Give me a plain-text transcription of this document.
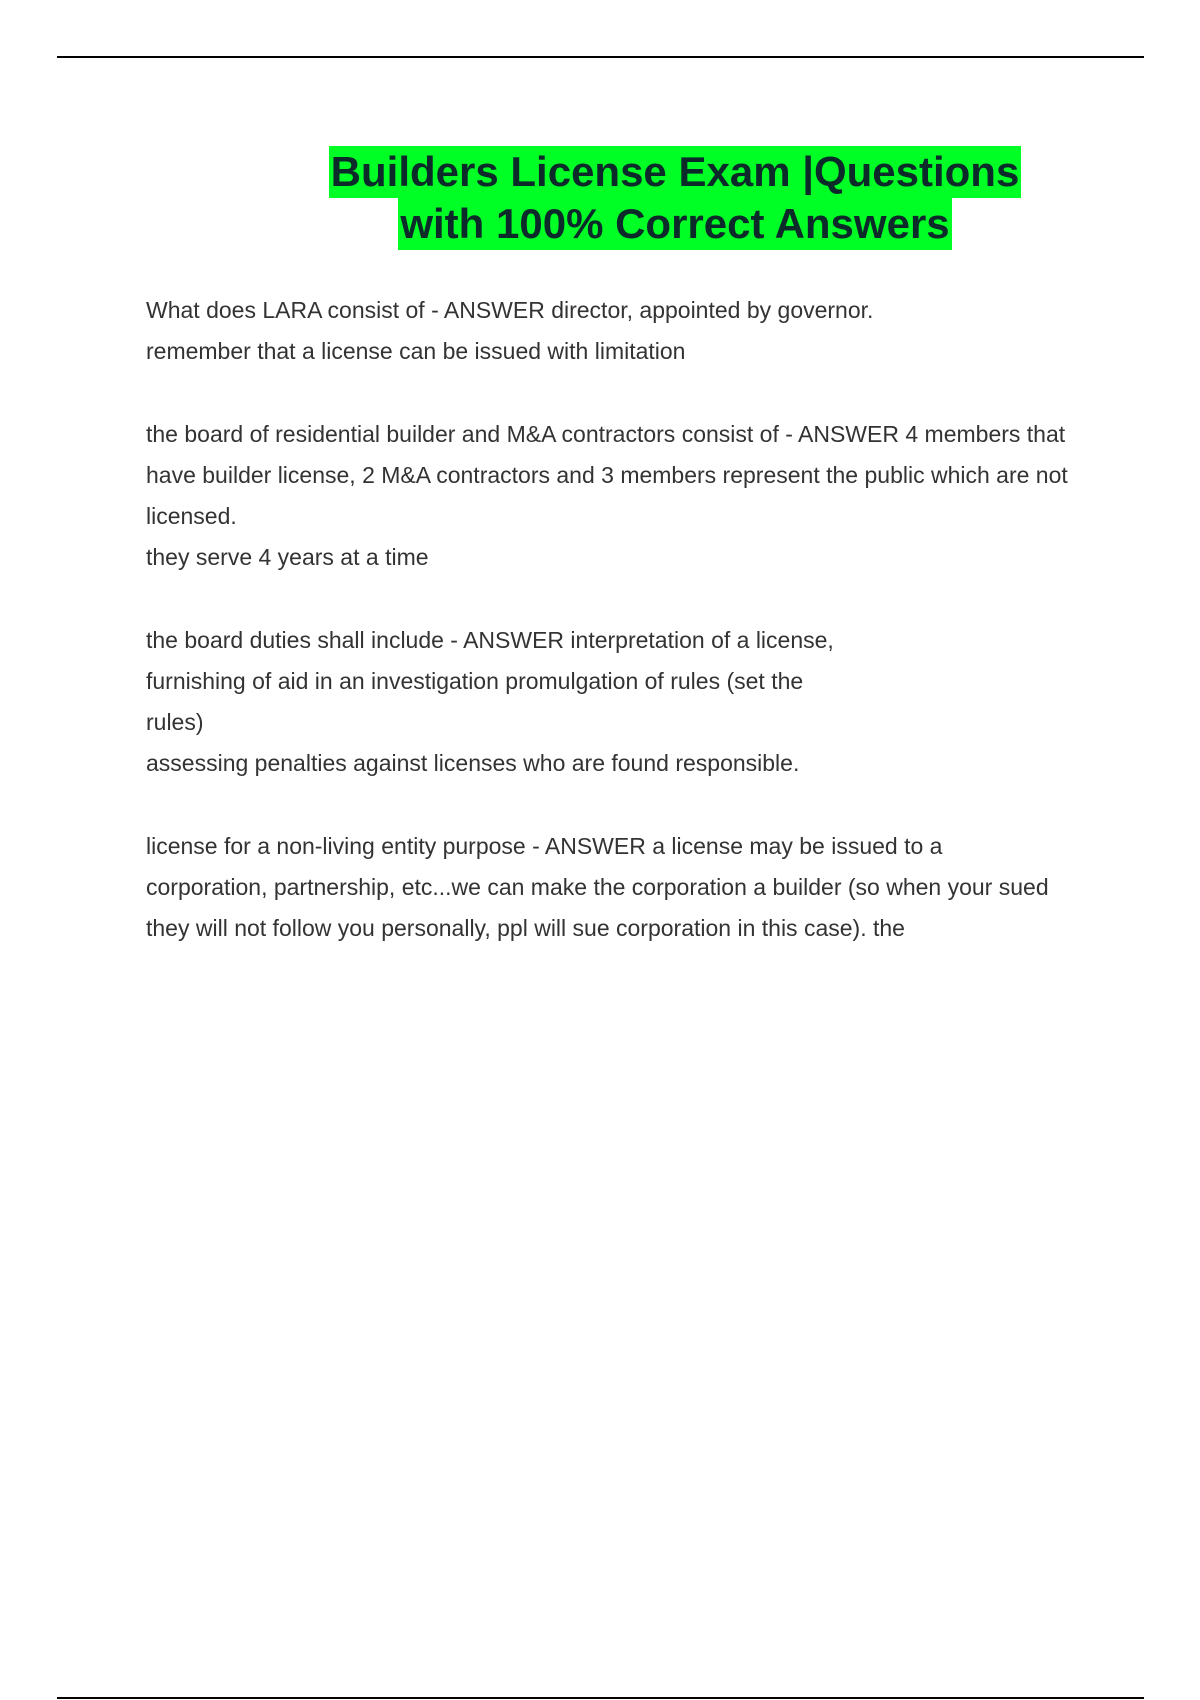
Builders License Exam |Questions
with 100% Correct Answers

What does LARA consist of - ANSWER director, appointed by governor. remember that a license can be issued with limitation

the board of residential builder and M&A contractors consist of - ANSWER 4 members that have builder license, 2 M&A contractors and 3 members represent the public which are not licensed.

they serve 4 years at a time

the board duties shall include - ANSWER interpretation of a license,

furnishing of aid in an investigation promulgation of rules (set the rules)

assessing penalties against licenses who are found responsible.

license for a non-living entity purpose - ANSWER a license may be issued to a corporation, partnership, etc...we can make the corporation a builder (so when your sued they will not follow you personally, ppl will sue corporation in this case). the
